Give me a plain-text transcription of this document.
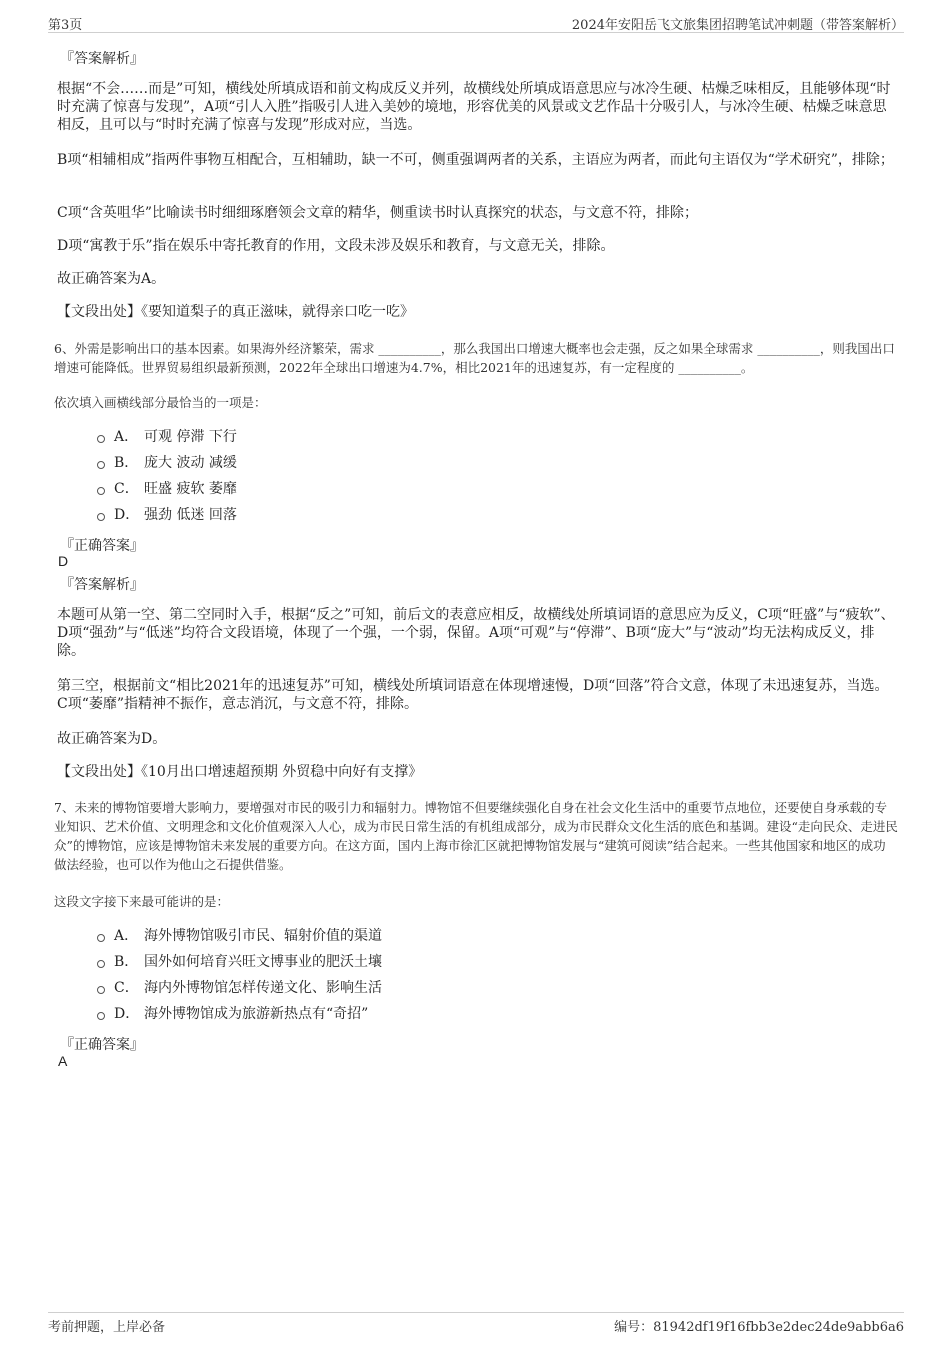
第3页	2024年安阳岳飞文旅集团招聘笔试冲刺题（带答案解析）
『答案解析』

根据“不会……而是”可知，横线处所填成语和前文构成反义并列，故横线处所填成语意思应与冰冷生硬、枯燥乏味相反，且能够体现“时时充满了惊喜与发现”，A项“引人入胜”指吸引人进入美妙的境地，形容优美的风景或文艺作品十分吸引人，与冰冷生硬、枯燥乏味意思相反，且可以与“时时充满了惊喜与发现”形成对应，当选。

B项“相辅相成”指两件事物互相配合，互相辅助，缺一不可，侧重强调两者的关系，主语应为两者，而此句主语仅为“学术研究”，排除；

C项“含英咀华”比喻读书时细细琢磨领会文章的精华，侧重读书时认真探究的状态，与文意不符，排除；

D项“寓教于乐”指在娱乐中寄托教育的作用，文段未涉及娱乐和教育，与文意无关，排除。

故正确答案为A。

【文段出处】《要知道梨子的真正滋味，就得亲口吃一吃》

6、外需是影响出口的基本因素。如果海外经济繁荣，需求 __________，那么我国出口增速大概率也会走强，反之如果全球需求 __________，则我国出口增速可能降低。世界贸易组织最新预测，2022年全球出口增速为4.7%，相比2021年的迅速复苏，有一定程度的 __________。

依次填入画横线部分最恰当的一项是：
A． 可观 停滞 下行
B． 庞大 波动 减缓
C． 旺盛 疲软 萎靡
D． 强劲 低迷 回落
『正确答案』
D
『答案解析』

本题可从第一空、第二空同时入手，根据“反之”可知，前后文的表意应相反，故横线处所填词语的意思应为反义，C项“旺盛”与“疲软”、D项“强劲”与“低迷”均符合文段语境，体现了一个强，一个弱，保留。A项“可观”与“停滞”、B项“庞大”与“波动”均无法构成反义，排除。

第三空，根据前文“相比2021年的迅速复苏”可知，横线处所填词语意在体现增速慢，D项“回落”符合文意，体现了未迅速复苏，当选。C项“萎靡”指精神不振作，意志消沉，与文意不符，排除。

故正确答案为D。

【文段出处】《10月出口增速超预期 外贸稳中向好有支撑》

7、未来的博物馆要增大影响力，要增强对市民的吸引力和辐射力。博物馆不但要继续强化自身在社会文化生活中的重要节点地位，还要使自身承载的专业知识、艺术价值、文明理念和文化价值观深入人心，成为市民日常生活的有机组成部分，成为市民群众文化生活的底色和基调。建设“走向民众、走进民众”的博物馆，应该是博物馆未来发展的重要方向。在这方面，国内上海市徐汇区就把博物馆发展与“建筑可阅读”结合起来。一些其他国家和地区的成功做法经验，也可以作为他山之石提供借鉴。

这段文字接下来最可能讲的是：
A． 海外博物馆吸引市民、辐射价值的渠道
B． 国外如何培育兴旺文博事业的肥沃土壤
C． 海内外博物馆怎样传递文化、影响生活
D． 海外博物馆成为旅游新热点有“奇招”
『正确答案』
A
考前押题，上岸必备	编号：81942df19f16fbb3e2dec24de9abb6a6
